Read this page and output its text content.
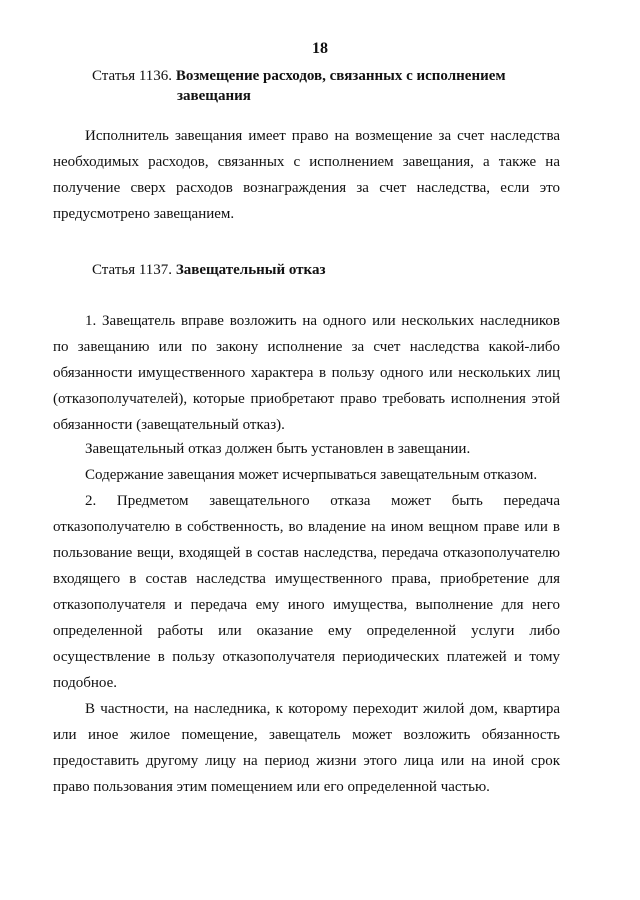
18
Статья 1136. Возмещение расходов, связанных с исполнением
завещания

Исполнитель завещания имеет право на возмещение за счет наследства необходимых расходов, связанных с исполнением завещания, а также на получение сверх расходов вознаграждения за счет наследства, если это предусмотрено завещанием.

Статья 1137. Завещательный отказ

1. Завещатель вправе возложить на одного или нескольких наследников по завещанию или по закону исполнение за счет наследства какой-либо обязанности имущественного характера в пользу одного или нескольких лиц (отказополучателей), которые приобретают право требовать исполнения этой обязанности (завещательный отказ).

Завещательный отказ должен быть установлен в завещании.

Содержание завещания может исчерпываться завещательным отказом.

2. Предметом завещательного отказа может быть передача отказополучателю в собственность, во владение на ином вещном праве или в пользование вещи, входящей в состав наследства, передача отказополучателю входящего в состав наследства имущественного права, приобретение для отказополучателя и передача ему иного имущества, выполнение для него определенной работы или оказание ему определенной услуги либо осуществление в пользу отказополучателя периодических платежей и тому подобное.

В частности, на наследника, к которому переходит жилой дом, квартира или иное жилое помещение, завещатель может возложить обязанность предоставить другому лицу на период жизни этого лица или на иной срок право пользования этим помещением или его определенной частью.
